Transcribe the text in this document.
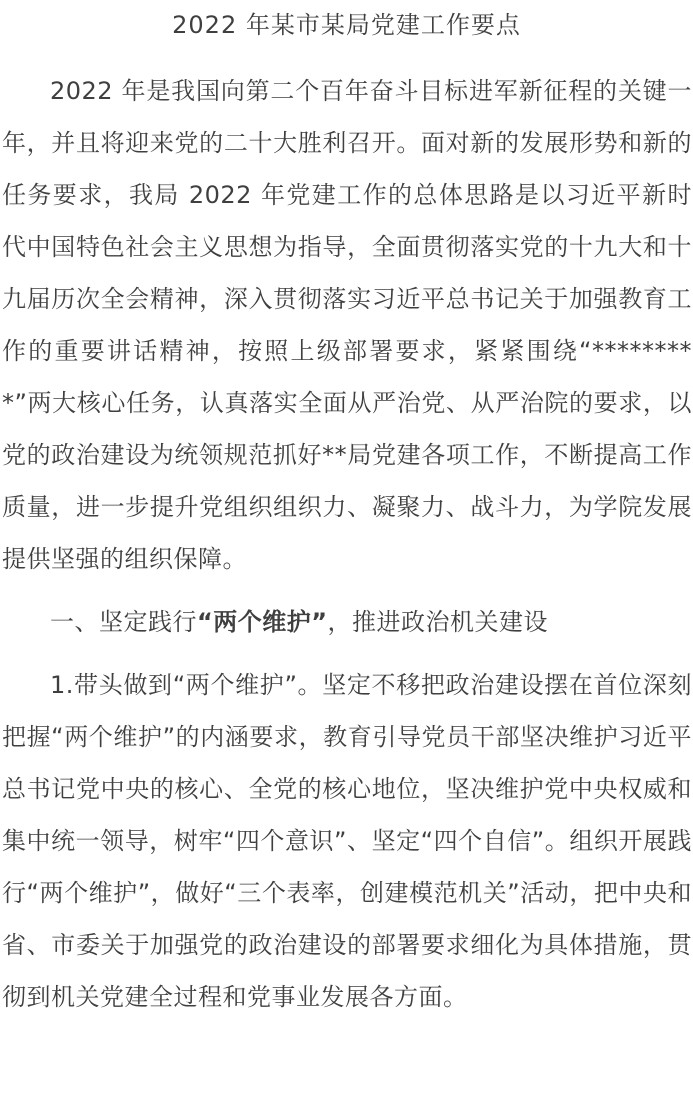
2022 年某市某局党建工作要点

2022 年是我国向第二个百年奋斗目标进军新征程的关键一年，并且将迎来党的二十大胜利召开。面对新的发展形势和新的任务要求，我局 2022 年党建工作的总体思路是以习近平新时代中国特色社会主义思想为指导，全面贯彻落实党的十九大和十九届历次全会精神，深入贯彻落实习近平总书记关于加强教育工作的重要讲话精神，按照上级部署要求，紧紧围绕“*********”两大核心任务，认真落实全面从严治党、从严治院的要求，以党的政治建设为统领规范抓好**局党建各项工作，不断提高工作质量，进一步提升党组织组织力、凝聚力、战斗力，为学院发展提供坚强的组织保障。

一、坚定践行“两个维护”，推进政治机关建设

1.带头做到“两个维护”。坚定不移把政治建设摆在首位深刻把握“两个维护”的内涵要求，教育引导党员干部坚决维护习近平总书记党中央的核心、全党的核心地位，坚决维护党中央权威和集中统一领导，树牢“四个意识”、坚定“四个自信”。组织开展践行“两个维护”，做好“三个表率，创建模范机关”活动，把中央和省、市委关于加强党的政治建设的部署要求细化为具体措施，贯彻到机关党建全过程和党事业发展各方面。
